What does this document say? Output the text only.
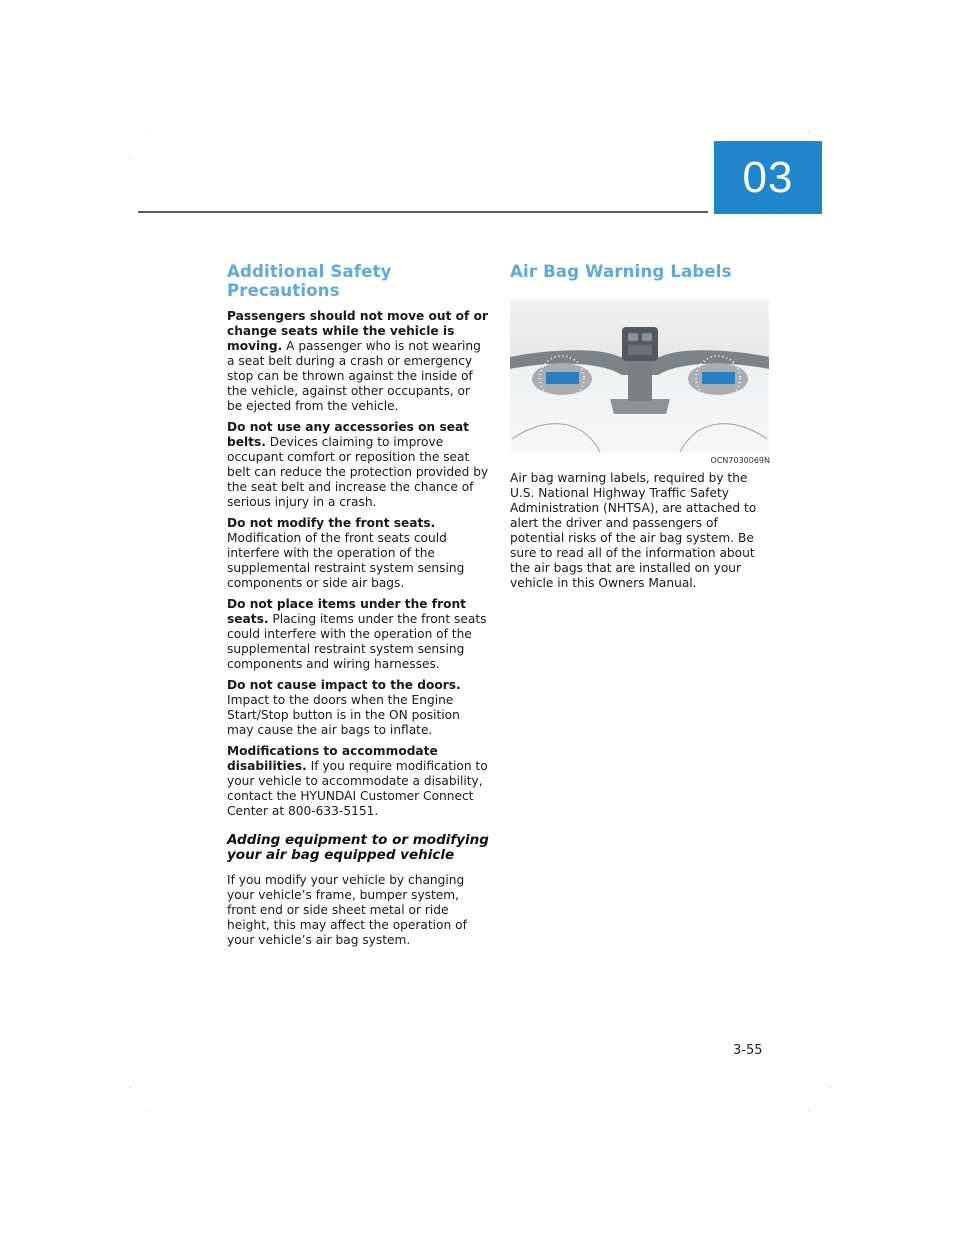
03
Additional Safety Precautions

Passengers should not move out of or change seats while the vehicle is moving. A passenger who is not wearing a seat belt during a crash or emergency stop can be thrown against the inside of the vehicle, against other occupants, or be ejected from the vehicle.

Do not use any accessories on seat belts. Devices claiming to improve occupant comfort or reposition the seat belt can reduce the protection provided by the seat belt and increase the chance of serious injury in a crash.

Do not modify the front seats. Modification of the front seats could interfere with the operation of the supplemental restraint system sensing components or side air bags.

Do not place items under the front seats. Placing items under the front seats could interfere with the operation of the supplemental restraint system sensing components and wiring harnesses.

Do not cause impact to the doors. Impact to the doors when the Engine Start/Stop button is in the ON position may cause the air bags to inflate.

Modifications to accommodate disabilities. If you require modification to your vehicle to accommodate a disability, contact the HYUNDAI Customer Connect Center at 800-633-5151.

Adding equipment to or modifying your air bag equipped vehicle

If you modify your vehicle by changing your vehicle’s frame, bumper system, front end or side sheet metal or ride height, this may affect the operation of your vehicle’s air bag system.

Air Bag Warning Labels
OCN7030069N

Air bag warning labels, required by the U.S. National Highway Traffic Safety Administration (NHTSA), are attached to alert the driver and passengers of potential risks of the air bag system. Be sure to read all of the information about the air bags that are installed on your vehicle in this Owners Manual.

3-55
